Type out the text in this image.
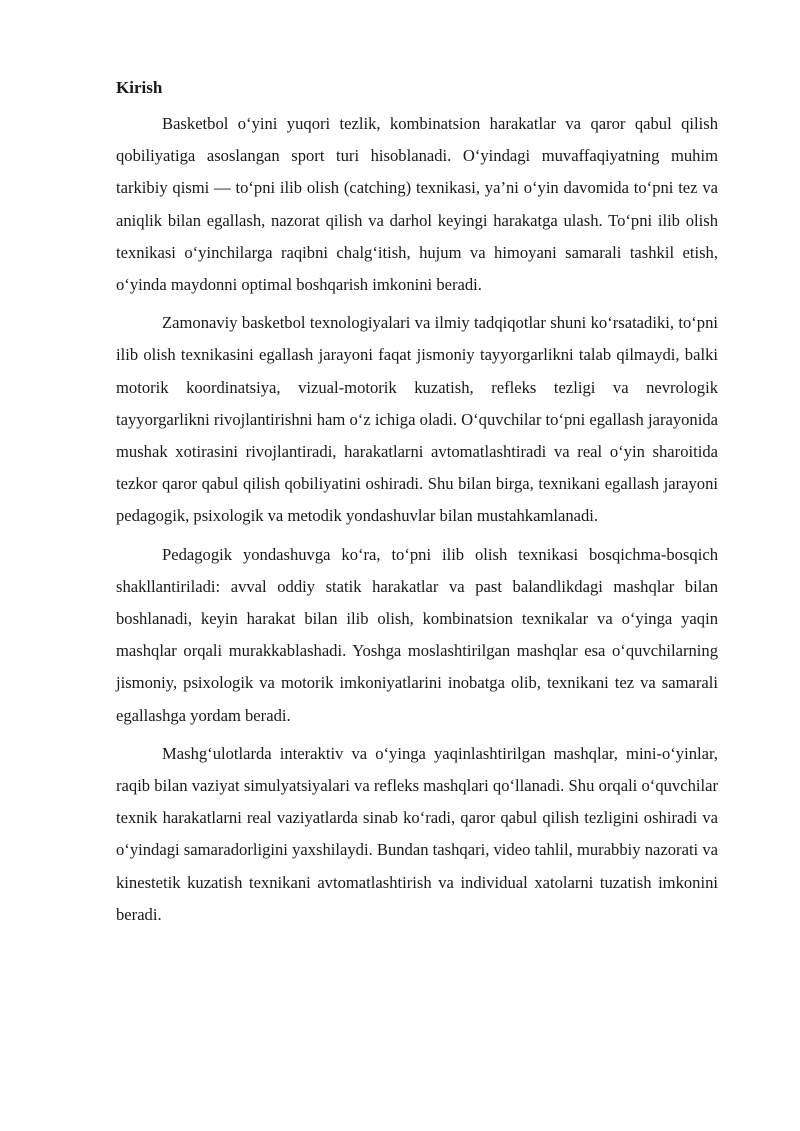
Kirish

Basketbol o‘yini yuqori tezlik, kombinatsion harakatlar va qaror qabul qilish qobiliyatiga asoslangan sport turi hisoblanadi. O‘yindagi muvaffaqiyatning muhim tarkibiy qismi — to‘pni ilib olish (catching) texnikasi, ya’ni o‘yin davomida to‘pni tez va aniqlik bilan egallash, nazorat qilish va darhol keyingi harakatga ulash. To‘pni ilib olish texnikasi o‘yinchilarga raqibni chalg‘itish, hujum va himoyani samarali tashkil etish, o‘yinda maydonni optimal boshqarish imkonini beradi.

Zamonaviy basketbol texnologiyalari va ilmiy tadqiqotlar shuni ko‘rsatadiki, to‘pni ilib olish texnikasini egallash jarayoni faqat jismoniy tayyorgarlikni talab qilmaydi, balki motorik koordinatsiya, vizual-motorik kuzatish, refleks tezligi va nevrologik tayyorgarlikni rivojlantirishni ham o‘z ichiga oladi. O‘quvchilar to‘pni egallash jarayonida mushak xotirasini rivojlantiradi, harakatlarni avtomatlashtiradi va real o‘yin sharoitida tezkor qaror qabul qilish qobiliyatini oshiradi. Shu bilan birga, texnikani egallash jarayoni pedagogik, psixologik va metodik yondashuvlar bilan mustahkamlanadi.

Pedagogik yondashuvga ko‘ra, to‘pni ilib olish texnikasi bosqichma-bosqich shakllantiriladi: avval oddiy statik harakatlar va past balandlikdagi mashqlar bilan boshlanadi, keyin harakat bilan ilib olish, kombinatsion texnikalar va o‘yinga yaqin mashqlar orqali murakkablashadi. Yoshga moslashtirilgan mashqlar esa o‘quvchilarning jismoniy, psixologik va motorik imkoniyatlarini inobatga olib, texnikani tez va samarali egallashga yordam beradi.

Mashg‘ulotlarda interaktiv va o‘yinga yaqinlashtirilgan mashqlar, mini-o‘yinlar, raqib bilan vaziyat simulyatsiyalari va refleks mashqlari qo‘llanadi. Shu orqali o‘quvchilar texnik harakatlarni real vaziyatlarda sinab ko‘radi, qaror qabul qilish tezligini oshiradi va o‘yindagi samaradorligini yaxshilaydi. Bundan tashqari, video tahlil, murabbiy nazorati va kinestetik kuzatish texnikani avtomatlashtirish va individual xatolarni tuzatish imkonini beradi.
